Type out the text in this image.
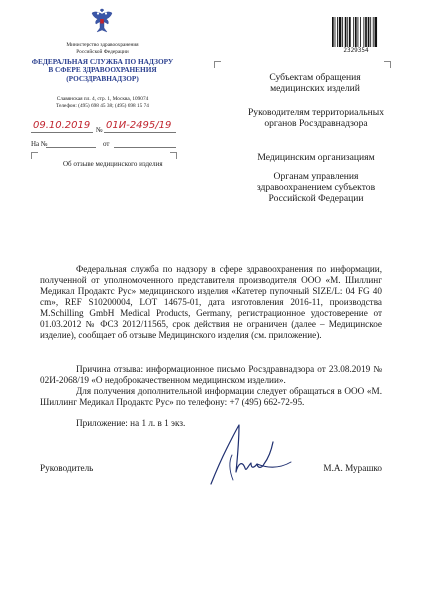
Министерство здравоохранения
Российской Федерации
ФЕДЕРАЛЬНАЯ СЛУЖБА ПО НАДЗОРУ
В СФЕРЕ ЗДРАВООХРАНЕНИЯ
(РОСЗДРАВНАДЗОР)
Славянская пл. 4, стр. 1, Москва, 109074
Телефон: (495) 698 45 38; (495) 698 15 74
09.10.2019 № 01И-2495/19
На №	от
Об отзыве медицинского изделия
2329354
Субъектам обращения медицинских изделий
Руководителям территориальных органов Росздравнадзора
Медицинским организациям
Органам управления здравоохранением субъектов Российской Федерации
Федеральная служба по надзору в сфере здравоохранения по информации, полученной от уполномоченного представителя производителя ООО «М. Шиллинг Медикал Продактс Рус» медицинского изделия «Катетер пупочный SIZE/L: 04 FG 40 cm», REF S10200004, LOT 14675-01, дата изготовления 2016-11, производства M.Schilling GmbH Medical Products, Germany, регистрационное удостоверение от 01.03.2012 № ФСЗ 2012/11565, срок действия не ограничен (далее – Медицинское изделие), сообщает об отзыве Медицинского изделия (см. приложение).
Причина отзыва: информационное письмо Росздравнадзора от 23.08.2019 № 02И-2068/19 «О недоброкачественном медицинском изделии».
Для получения дополнительной информации следует обращаться в ООО «М. Шиллинг Медикал Продактс Рус» по телефону: +7 (495) 662-72-95.
Приложение: на 1 л. в 1 экз.
Руководитель	М.А. Мурашко
